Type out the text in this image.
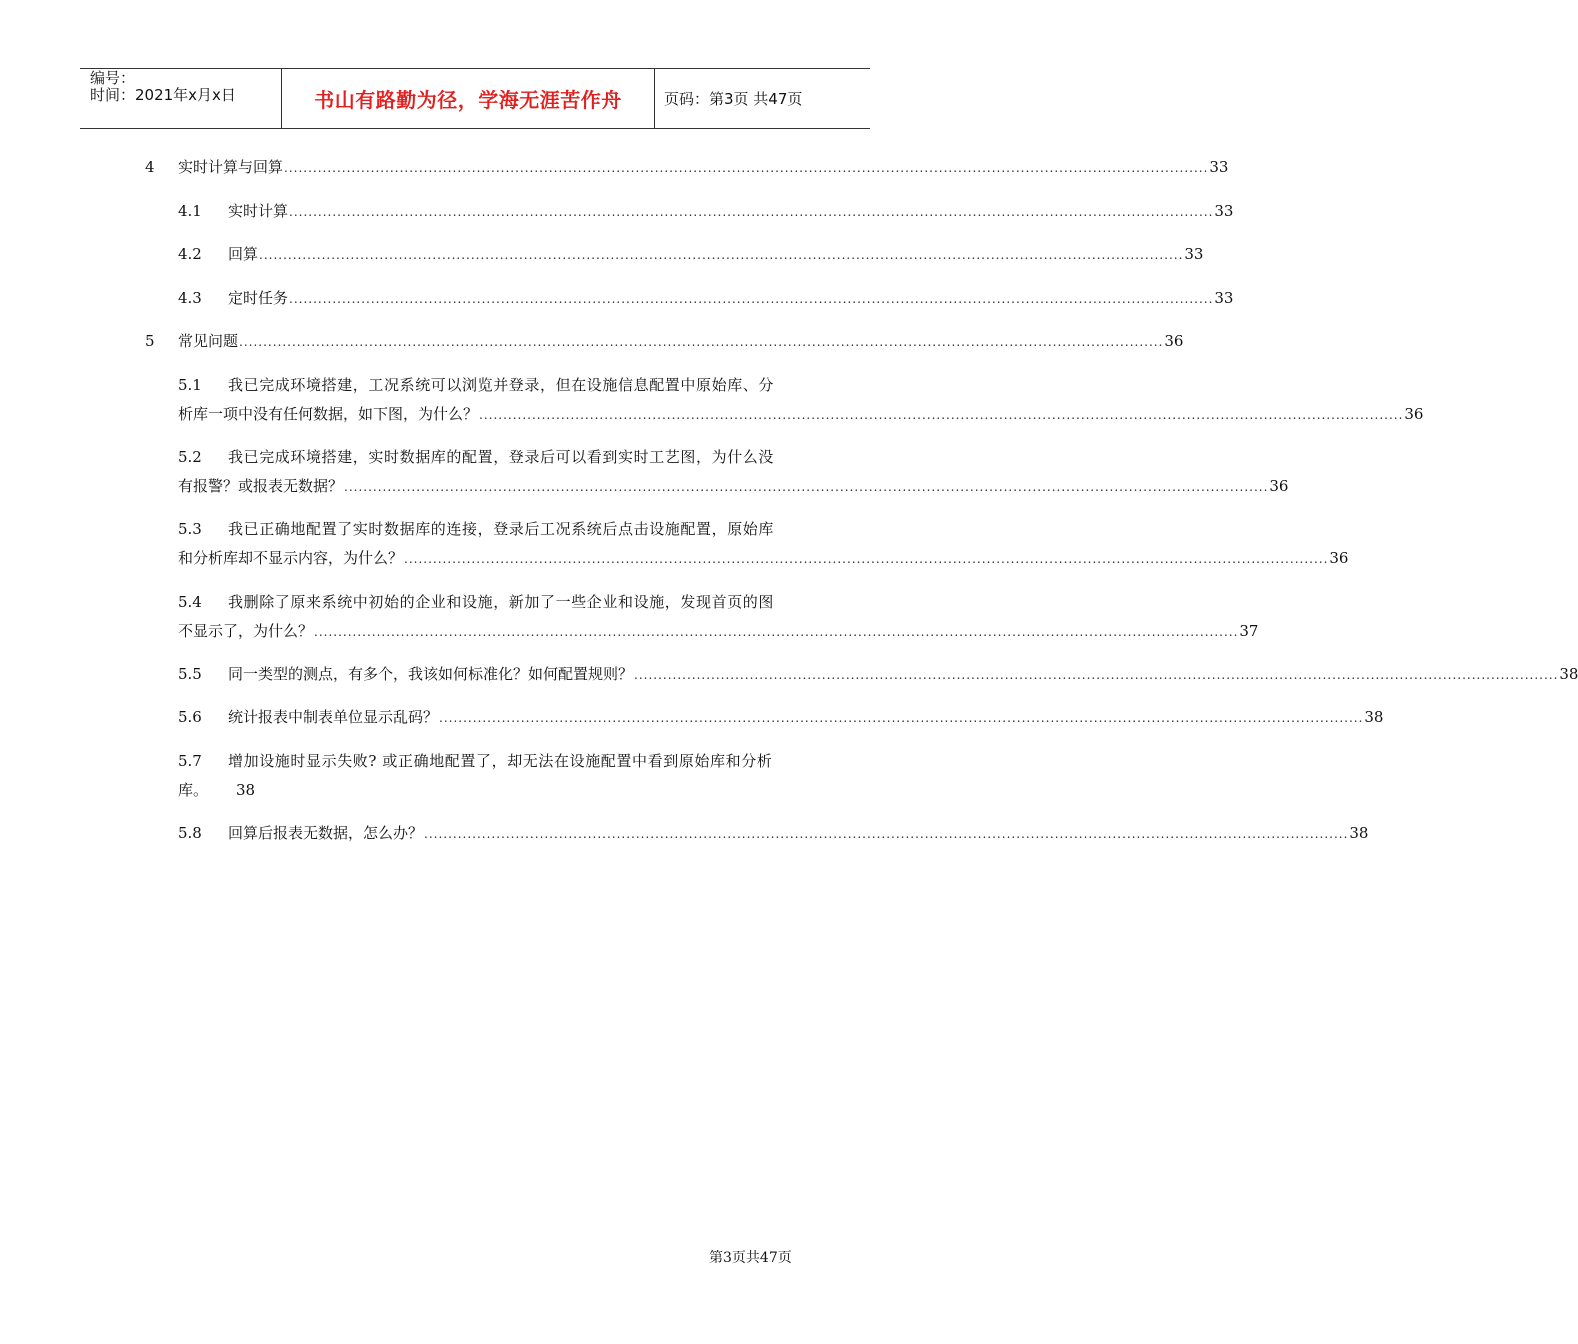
编号：
时间：2021年x月x日	书山有路勤为径，学海无涯苦作舟	页码：第3页 共47页
4 实时计算与回算 ................................................................................................................................................................................................ 33
4.1 实时计算 ................................................................................................................................................................................................ 33
4.2 回算 ................................................................................................................................................................................................ 33
4.3 定时任务 ................................................................................................................................................................................................ 33
5 常见问题 ................................................................................................................................................................................................ 36
5.1 我已完成环境搭建，工况系统可以浏览并登录，但在设施信息配置中原始库、分
析库一项中没有任何数据，如下图，为什么？ ................................................................................................................................................................................................ 36
5.2 我已完成环境搭建，实时数据库的配置，登录后可以看到实时工艺图，为什么没
有报警？或报表无数据？ ................................................................................................................................................................................................ 36
5.3 我已正确地配置了实时数据库的连接，登录后工况系统后点击设施配置，原始库
和分析库却不显示内容，为什么？ ................................................................................................................................................................................................ 36
5.4 我删除了原来系统中初始的企业和设施，新加了一些企业和设施，发现首页的图
不显示了，为什么？ ................................................................................................................................................................................................ 37
5.5 同一类型的测点，有多个，我该如何标准化？如何配置规则？ ................................................................................................................................................................................................ 38
5.6 统计报表中制表单位显示乱码？ ................................................................................................................................................................................................ 38
5.7 增加设施时显示失败? 或正确地配置了，却无法在设施配置中看到原始库和分析
库。 38
5.8 回算后报表无数据，怎么办？ ................................................................................................................................................................................................ 38
第3页共47页
